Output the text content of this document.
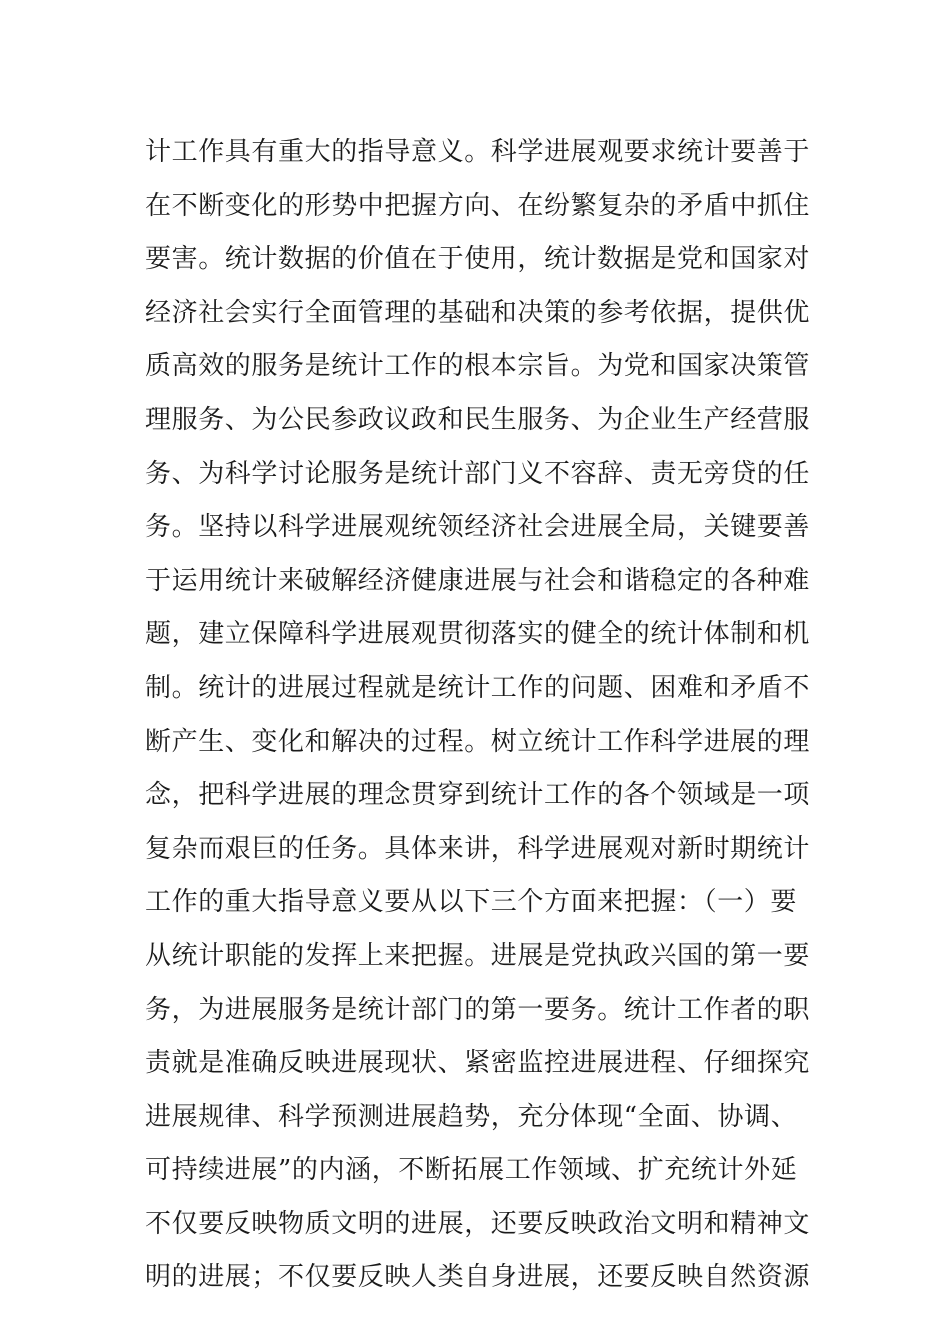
计工作具有重大的指导意义。科学进展观要求统计要善于
在不断变化的形势中把握方向、在纷繁复杂的矛盾中抓住
要害。统计数据的价值在于使用，统计数据是党和国家对
经济社会实行全面管理的基础和决策的参考依据，提供优
质高效的服务是统计工作的根本宗旨。为党和国家决策管
理服务、为公民参政议政和民生服务、为企业生产经营服
务、为科学讨论服务是统计部门义不容辞、责无旁贷的任
务。坚持以科学进展观统领经济社会进展全局，关键要善
于运用统计来破解经济健康进展与社会和谐稳定的各种难
题，建立保障科学进展观贯彻落实的健全的统计体制和机
制。统计的进展过程就是统计工作的问题、困难和矛盾不
断产生、变化和解决的过程。树立统计工作科学进展的理
念，把科学进展的理念贯穿到统计工作的各个领域是一项
复杂而艰巨的任务。具体来讲，科学进展观对新时期统计
工作的重大指导意义要从以下三个方面来把握：（一）要
从统计职能的发挥上来把握。进展是党执政兴国的第一要
务，为进展服务是统计部门的第一要务。统计工作者的职
责就是准确反映进展现状、紧密监控进展进程、仔细探究
进展规律、科学预测进展趋势，充分体现“全面、协调、
可持续进展”的内涵，不断拓展工作领域、扩充统计外延
不仅要反映物质文明的进展，还要反映政治文明和精神文
明的进展；不仅要反映人类自身进展，还要反映自然资源
